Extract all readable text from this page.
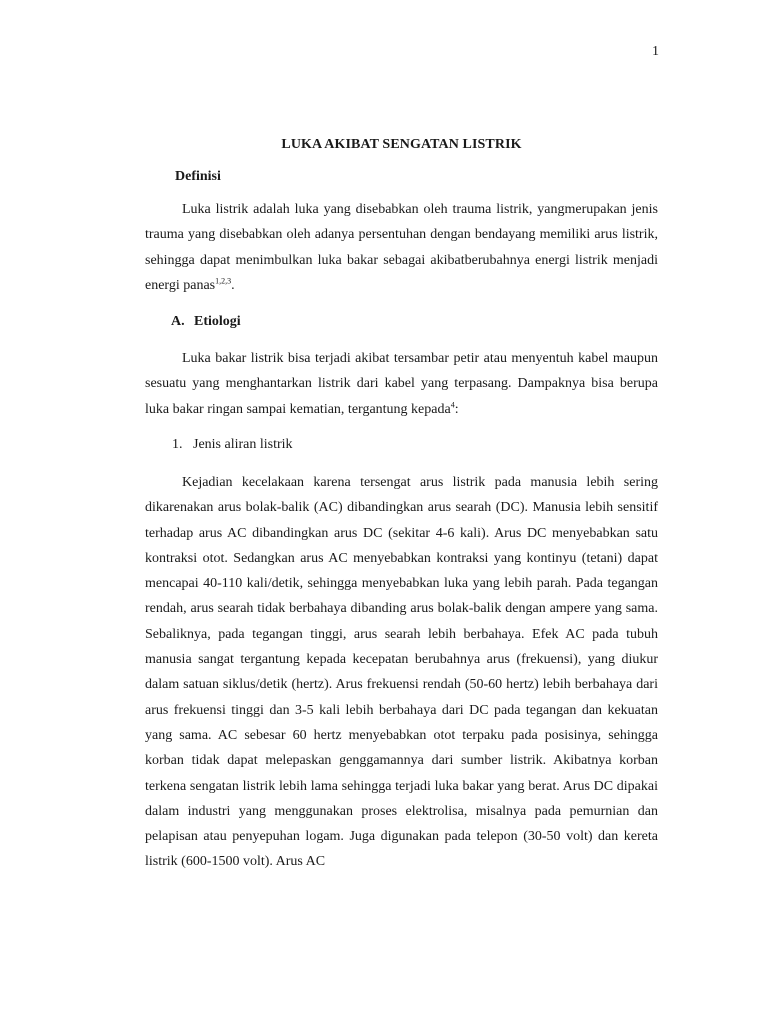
1
LUKA AKIBAT SENGATAN LISTRIK
Definisi
Luka listrik adalah luka yang disebabkan oleh trauma listrik, yangmerupakan jenis trauma yang disebabkan oleh adanya persentuhan dengan bendayang memiliki arus listrik, sehingga dapat menimbulkan luka bakar sebagai akibatberubahnya energi listrik menjadi energi panas$^{1,2,3}$.
A. Etiologi
Luka bakar listrik bisa terjadi akibat tersambar petir atau menyentuh kabel maupun sesuatu yang menghantarkan listrik dari kabel yang terpasang. Dampaknya bisa berupa luka bakar ringan sampai kematian, tergantung kepada$^4$:
1. Jenis aliran listrik
Kejadian kecelakaan karena tersengat arus listrik pada manusia lebih sering dikarenakan arus bolak-balik (AC) dibandingkan arus searah (DC). Manusia lebih sensitif terhadap arus AC dibandingkan arus DC (sekitar 4-6 kali). Arus DC menyebabkan satu kontraksi otot. Sedangkan arus AC menyebabkan kontraksi yang kontinyu (tetani) dapat mencapai 40-110 kali/detik, sehingga menyebabkan luka yang lebih parah. Pada tegangan rendah, arus searah tidak berbahaya dibanding arus bolak-balik dengan ampere yang sama. Sebaliknya, pada tegangan tinggi, arus searah lebih berbahaya. Efek AC pada tubuh manusia sangat tergantung kepada kecepatan berubahnya arus (frekuensi), yang diukur dalam satuan siklus/detik (hertz). Arus frekuensi rendah (50-60 hertz) lebih berbahaya dari arus frekuensi tinggi dan 3-5 kali lebih berbahaya dari DC pada tegangan dan kekuatan yang sama. AC sebesar 60 hertz menyebabkan otot terpaku pada posisinya, sehingga korban tidak dapat melepaskan genggamannya dari sumber listrik. Akibatnya korban terkena sengatan listrik lebih lama sehingga terjadi luka bakar yang berat. Arus DC dipakai dalam industri yang menggunakan proses elektrolisa, misalnya pada pemurnian dan pelapisan atau penyepuhan logam. Juga digunakan pada telepon (30-50 volt) dan kereta listrik (600-1500 volt). Arus AC
